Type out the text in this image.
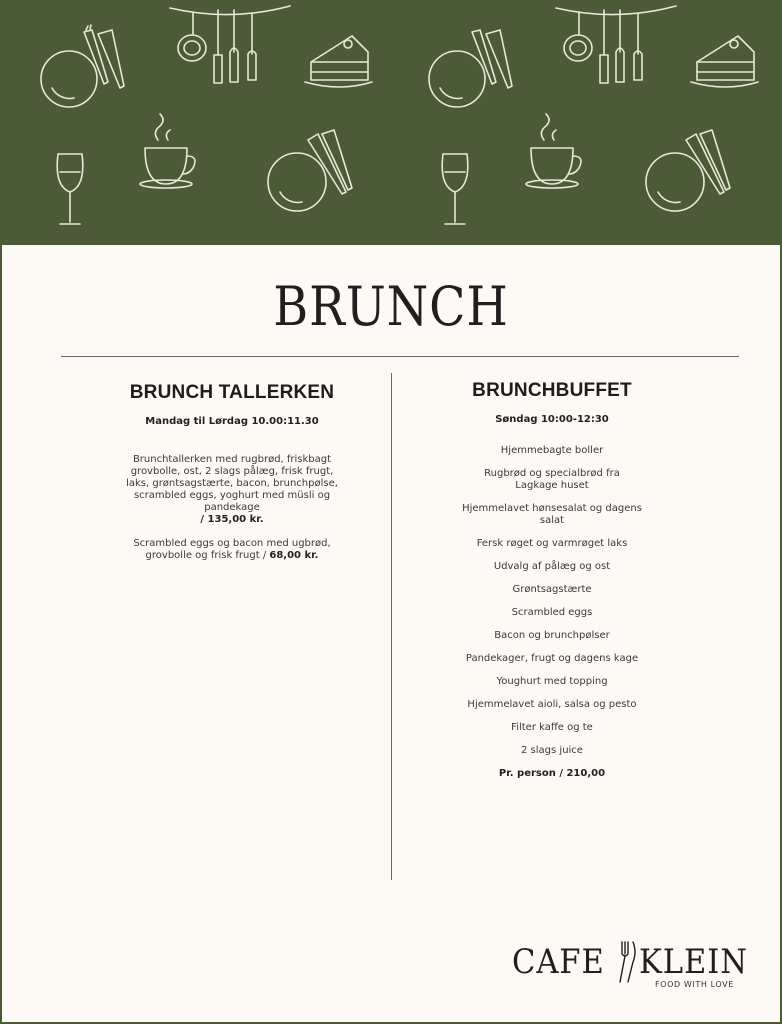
BRUNCH
BRUNCH TALLERKEN
Mandag til Lørdag 10.00:11.30
Brunchtallerken med rugbrød, friskbagt grovbolle, ost, 2 slags pålæg, frisk frugt, laks, grøntsagstærte, bacon, brunchpølse, scrambled eggs, yoghurt med müsli og pandekage
/ 135,00 kr.
Scrambled eggs og bacon med ugbrød, grovbolle og frisk frugt / 68,00 kr.
BRUNCHBUFFET
Søndag 10:00-12:30
Hjemmebagte boller
Rugbrød og specialbrød fra Lagkage huset
Hjemmelavet hønsesalat og dagens salat
Fersk røget og varmrøget laks
Udvalg af pålæg og ost
Grøntsagstærte
Scrambled eggs
Bacon og brunchpølser
Pandekager, frugt og dagens kage
Youghurt med topping
Hjemmelavet aioli, salsa og pesto
Filter kaffe og te
2 slags juice
Pr. person / 210,00
CAFE KLEIN
FOOD WITH LOVE
